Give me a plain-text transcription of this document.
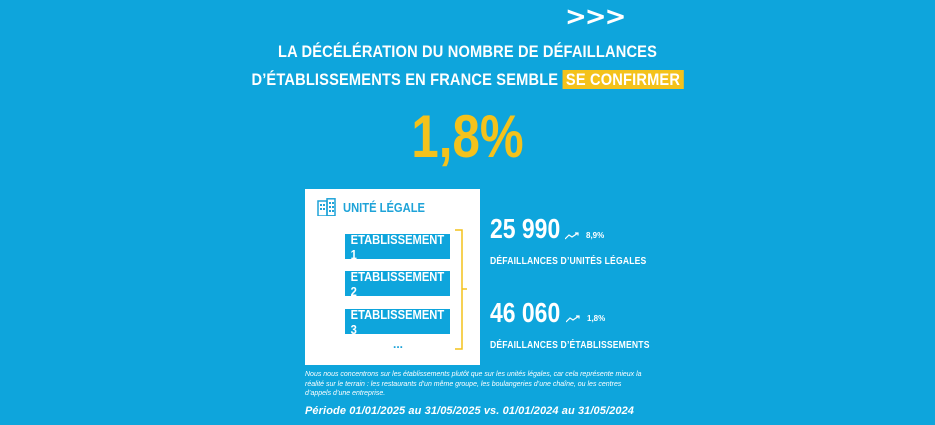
>>>
LA DÉCÉLÉRATION DU NOMBRE DE DÉFAILLANCES
D’ÉTABLISSEMENTS EN FRANCE SEMBLE SE CONFIRMER
1,8%
UNITÉ LÉGALE
ETABLISSEMENT 1
ETABLISSEMENT 2
ETABLISSEMENT 3
...
25 990	8,9%
DÉFAILLANCES D’UNITÉS LÉGALES
46 060	1,8%
DÉFAILLANCES D’ÉTABLISSEMENTS
Nous nous concentrons sur les établissements plutôt que sur les unités légales, car cela représente mieux la réalité sur le terrain : les restaurants d’un même groupe, les boulangeries d’une chaîne, ou les centres d’appels d’une entreprise.
Période 01/01/2025 au 31/05/2025 vs. 01/01/2024 au 31/05/2024
